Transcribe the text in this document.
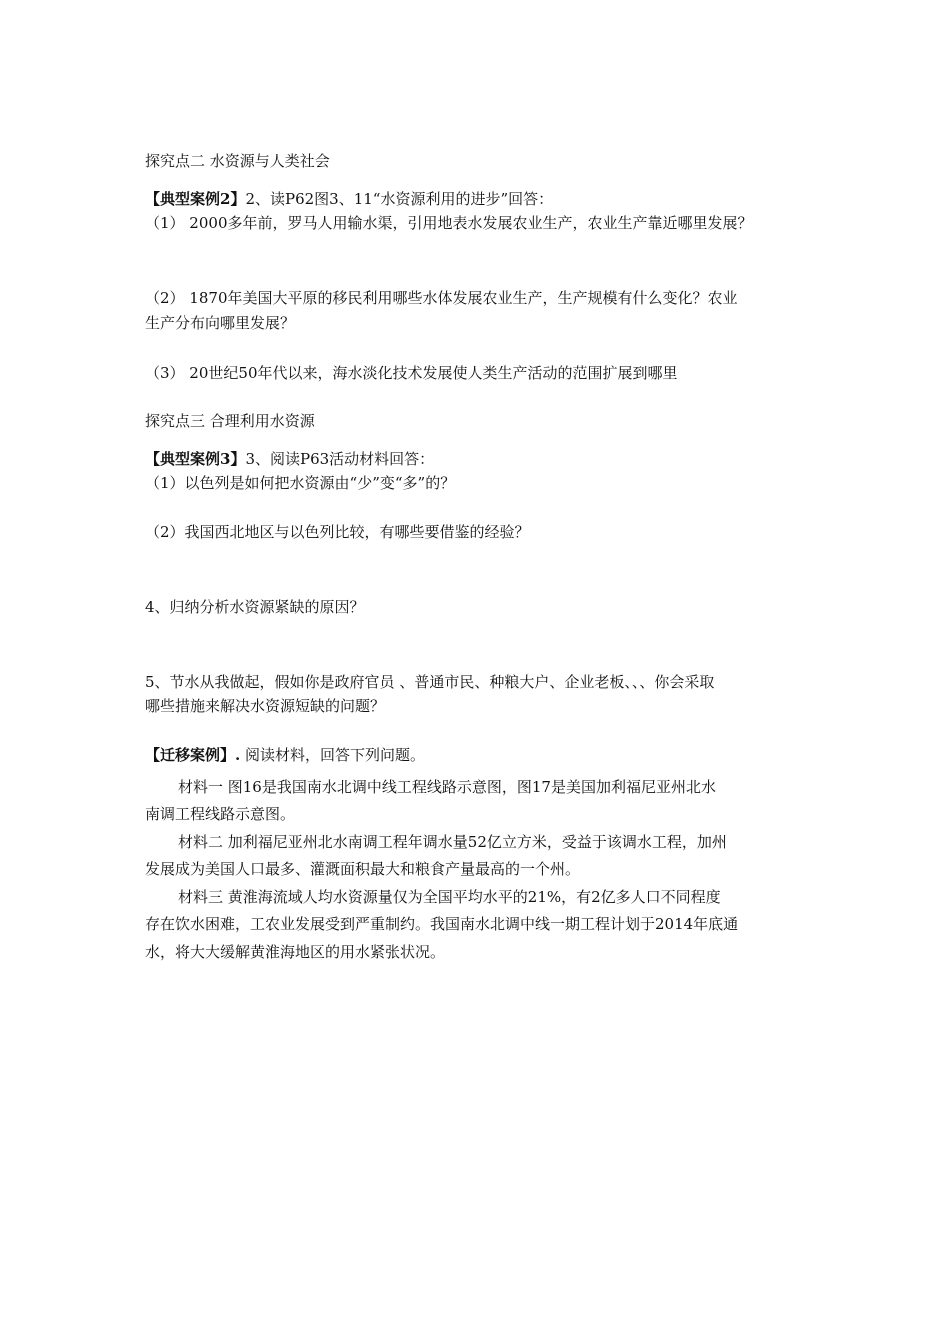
探究点二 水资源与人类社会
【典型案例2】2、读P62图3、11“水资源利用的进步”回答：
（1） 2000多年前，罗马人用输水渠，引用地表水发展农业生产，农业生产靠近哪里发展？
（2） 1870年美国大平原的移民利用哪些水体发展农业生产，生产规模有什么变化？农业
生产分布向哪里发展？
（3） 20世纪50年代以来，海水淡化技术发展使人类生产活动的范围扩展到哪里
探究点三 合理利用水资源
【典型案例3】3、阅读P63活动材料回答：
（1）以色列是如何把水资源由“少”变“多”的？
（2）我国西北地区与以色列比较，有哪些要借鉴的经验？
4、归纳分析水资源紧缺的原因？
5、节水从我做起，假如你是政府官员 、普通市民、种粮大户、企业老板、、、你会采取
哪些措施来解决水资源短缺的问题？
【迁移案例】. 阅读材料，回答下列问题。
材料一 图16是我国南水北调中线工程线路示意图，图17是美国加利福尼亚州北水
南调工程线路示意图。
材料二 加利福尼亚州北水南调工程年调水量52亿立方米，受益于该调水工程，加州
发展成为美国人口最多、灌溉面积最大和粮食产量最高的一个州。
材料三 黄淮海流域人均水资源量仅为全国平均水平的21%，有2亿多人口不同程度
存在饮水困难，工农业发展受到严重制约。我国南水北调中线一期工程计划于2014年底通
水，将大大缓解黄淮海地区的用水紧张状况。
